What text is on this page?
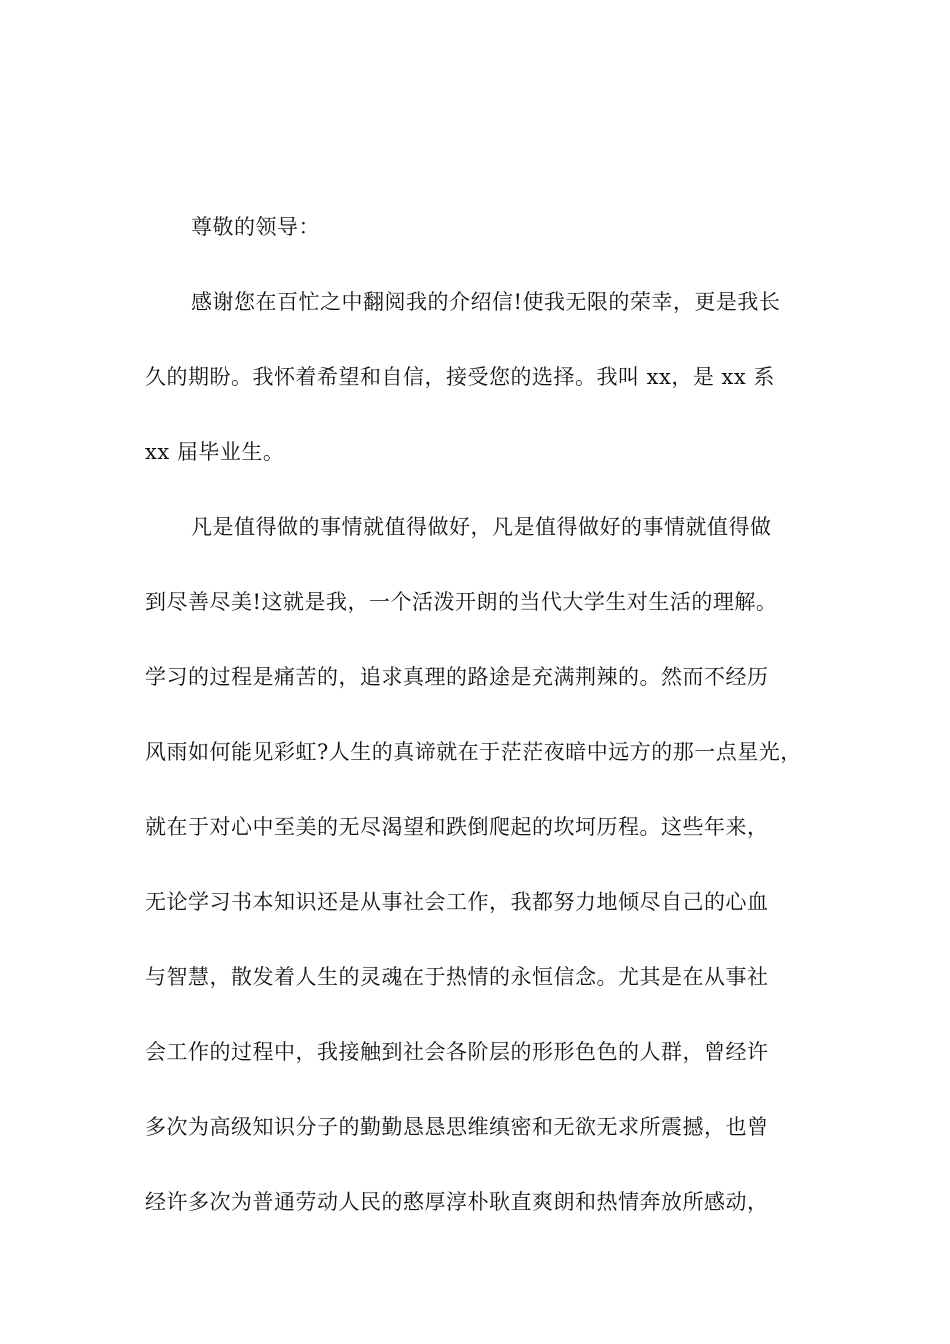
尊敬的领导：
感谢您在百忙之中翻阅我的介绍信!使我无限的荣幸，更是我长
久的期盼。我怀着希望和自信，接受您的选择。我叫 xx，是 xx 系
xx 届毕业生。
凡是值得做的事情就值得做好，凡是值得做好的事情就值得做
到尽善尽美!这就是我，一个活泼开朗的当代大学生对生活的理解。
学习的过程是痛苦的，追求真理的路途是充满荆辣的。然而不经历
风雨如何能见彩虹?人生的真谛就在于茫茫夜暗中远方的那一点星光，
就在于对心中至美的无尽渴望和跌倒爬起的坎坷历程。这些年来，
无论学习书本知识还是从事社会工作，我都努力地倾尽自己的心血
与智慧，散发着人生的灵魂在于热情的永恒信念。尤其是在从事社
会工作的过程中，我接触到社会各阶层的形形色色的人群，曾经许
多次为高级知识分子的勤勤恳恳思维缜密和无欲无求所震撼，也曾
经许多次为普通劳动人民的憨厚淳朴耿直爽朗和热情奔放所感动，
